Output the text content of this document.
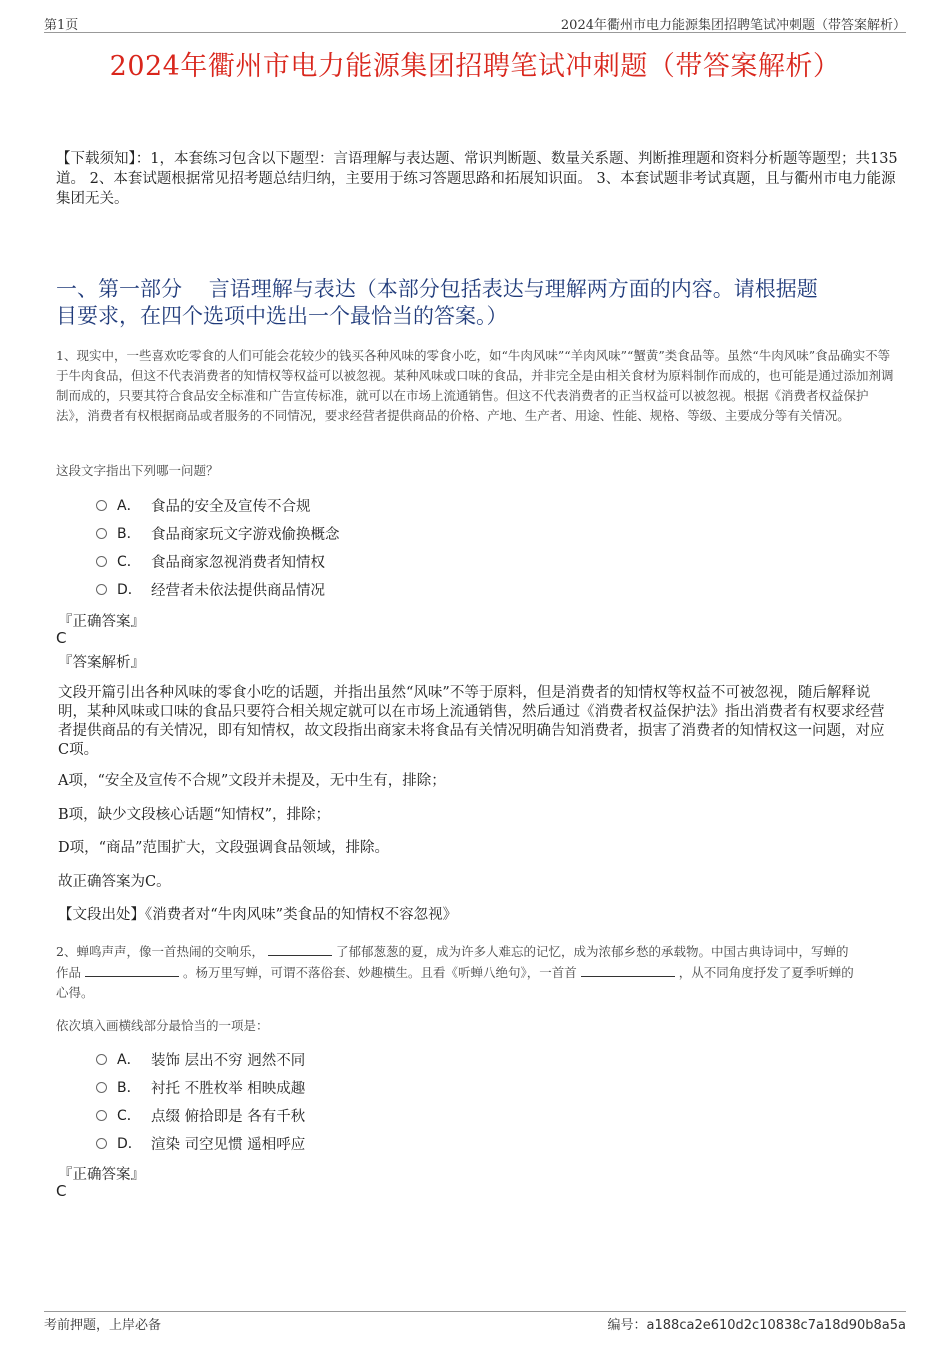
第1页	2024年衢州市电力能源集团招聘笔试冲刺题（带答案解析）
2024年衢州市电力能源集团招聘笔试冲刺题（带答案解析）
【下载须知】：1，本套练习包含以下题型：言语理解与表达题、常识判断题、数量关系题、判断推理题和资料分析题等题型；共135道。 2、本套试题根据常见招考题总结归纳，主要用于练习答题思路和拓展知识面。 3、本套试题非考试真题，且与衢州市电力能源集团无关。
一、第一部分    言语理解与表达（本部分包括表达与理解两方面的内容。请根据题
目要求，在四个选项中选出一个最恰当的答案。）
1、现实中，一些喜欢吃零食的人们可能会花较少的钱买各种风味的零食小吃，如“牛肉风味”“羊肉风味”“蟹黄”类食品等。虽然“牛肉风味”食品确实不等于牛肉食品，但这不代表消费者的知情权等权益可以被忽视。某种风味或口味的食品，并非完全是由相关食材为原料制作而成的，也可能是通过添加剂调制而成的，只要其符合食品安全标准和广告宣传标准，就可以在市场上流通销售。但这不代表消费者的正当权益可以被忽视。根据《消费者权益保护法》，消费者有权根据商品或者服务的不同情况，要求经营者提供商品的价格、产地、生产者、用途、性能、规格、等级、主要成分等有关情况。
这段文字指出下列哪一问题？
A． 食品的安全及宣传不合规
B． 食品商家玩文字游戏偷换概念
C． 食品商家忽视消费者知情权
D． 经营者未依法提供商品情况
『正确答案』
C
『答案解析』
文段开篇引出各种风味的零食小吃的话题，并指出虽然“风味”不等于原料，但是消费者的知情权等权益不可被忽视，随后解释说明，某种风味或口味的食品只要符合相关规定就可以在市场上流通销售，然后通过《消费者权益保护法》指出消费者有权要求经营者提供商品的有关情况，即有知情权，故文段指出商家未将食品有关情况明确告知消费者，损害了消费者的知情权这一问题，对应C项。
A项，“安全及宣传不合规”文段并未提及，无中生有，排除；
B项，缺少文段核心话题“知情权”，排除；
D项，“商品”范围扩大，文段强调食品领域，排除。
故正确答案为C。
【文段出处】《消费者对“牛肉风味”类食品的知情权不容忽视》
2、蝉鸣声声，像一首热闹的交响乐，	了郁郁葱葱的夏，成为许多人难忘的记忆，成为浓郁乡愁的承载物。中国古典诗词中，写蝉的
作品	。杨万里写蝉，可谓不落俗套、妙趣横生。且看《听蝉八绝句》，一首首	，从不同角度抒发了夏季听蝉的
心得。
依次填入画横线部分最恰当的一项是：
A． 装饰 层出不穷 迥然不同
B． 衬托 不胜枚举 相映成趣
C． 点缀 俯拾即是 各有千秋
D． 渲染 司空见惯 遥相呼应
『正确答案』
C
考前押题，上岸必备	编号：a188ca2e610d2c10838c7a18d90b8a5a
